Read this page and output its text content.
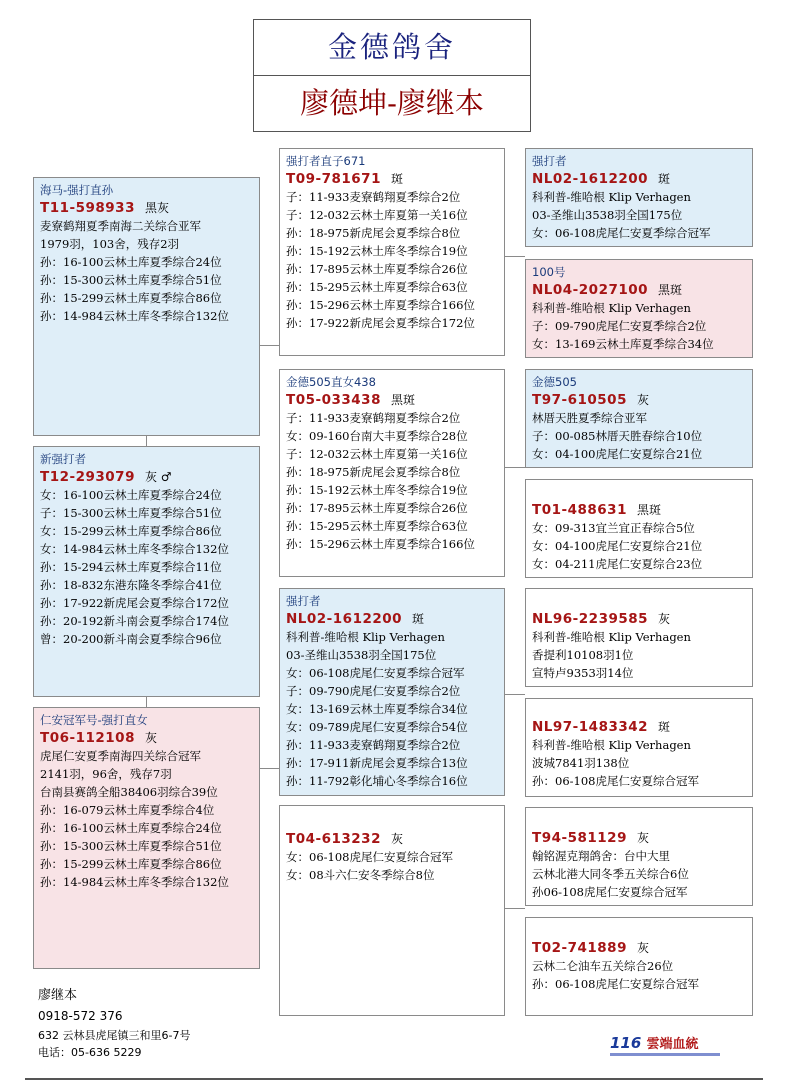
金德鸽舍
廖德坤-廖继本
海马-强打直孙
T11-598933 黑灰
麦寮鹤翔夏季南海二关综合亚军
1979羽，103舍，残存2羽
孙：16-100云林土库夏季综合24位
孙：15-300云林土库夏季综合51位
孙：15-299云林土库夏季综合86位
孙：14-984云林土库冬季综合132位
新强打者
T12-293079 灰 ♂
女：16-100云林土库夏季综合24位
子：15-300云林土库夏季综合51位
女：15-299云林土库夏季综合86位
女：14-984云林土库冬季综合132位
孙：15-294云林土库夏季综合11位
孙：18-832东港东隆冬季综合41位
孙：17-922新虎尾会夏季综合172位
孙：20-192新斗南会夏季综合174位
曾：20-200新斗南会夏季综合96位
仁安冠军号-强打直女
T06-112108 灰
虎尾仁安夏季南海四关综合冠军
2141羽，96舍，残存7羽
台南县赛鸽全船38406羽综合39位
孙：16-079云林土库夏季综合4位
孙：16-100云林土库夏季综合24位
孙：15-300云林土库夏季综合51位
孙：15-299云林土库夏季综合86位
孙：14-984云林土库冬季综合132位
强打者直子671
T09-781671 斑
子：11-933麦寮鹤翔夏季综合2位
子：12-032云林土库夏第一关16位
孙：18-975新虎尾会夏季综合8位
孙：15-192云林土库冬季综合19位
孙：17-895云林土库夏季综合26位
孙：15-295云林土库夏季综合63位
孙：15-296云林土库夏季综合166位
孙：17-922新虎尾会夏季综合172位
金德505直女438
T05-033438 黑斑
子：11-933麦寮鹤翔夏季综合2位
女：09-160台南大丰夏季综合28位
子：12-032云林土库夏第一关16位
孙：18-975新虎尾会夏季综合8位
孙：15-192云林土库冬季综合19位
孙：17-895云林土库夏季综合26位
孙：15-295云林土库夏季综合63位
孙：15-296云林土库夏季综合166位
强打者
NL02-1612200 斑
科利普-维哈根 Klip Verhagen
03-圣维山3538羽全国175位
女：06-108虎尾仁安夏季综合冠军
子：09-790虎尾仁安夏季综合2位
女：13-169云林土库夏季综合34位
女：09-789虎尾仁安夏季综合54位
孙：11-933麦寮鹤翔夏季综合2位
孙：17-911新虎尾会夏季综合13位
孙：11-792彰化埔心冬季综合16位
T04-613232 灰
女：06-108虎尾仁安夏综合冠军
女：08斗六仁安冬季综合8位
强打者
NL02-1612200 斑
科利普-维哈根 Klip Verhagen
03-圣维山3538羽全国175位
女：06-108虎尾仁安夏季综合冠军
100号
NL04-2027100 黑斑
科利普-维哈根 Klip Verhagen
子：09-790虎尾仁安夏季综合2位
女：13-169云林土库夏季综合34位
金德505
T97-610505 灰
林厝天胜夏季综合亚军
子：00-085林厝天胜春综合10位
女：04-100虎尾仁安夏综合21位
T01-488631 黑斑
女：09-313宜兰宜正春综合5位
女：04-100虎尾仁安夏综合21位
女：04-211虎尾仁安夏综合23位
NL96-2239585 灰
科利普-维哈根 Klip Verhagen
香提利10108羽1位
宣特卢9353羽14位
NL97-1483342 斑
科利普-维哈根 Klip Verhagen
波城7841羽138位
孙：06-108虎尾仁安夏综合冠军
T94-581129 灰
翰铭渥克翔鸽舍：台中大里
云林北港大同冬季五关综合6位
孙06-108虎尾仁安夏综合冠军
T02-741889 灰
云林二仑油车五关综合26位
孙：06-108虎尾仁安夏综合冠军
廖继本
0918-572 376
632 云林县虎尾镇三和里6-7号
电话：05-636 5229
116 雲端血統
